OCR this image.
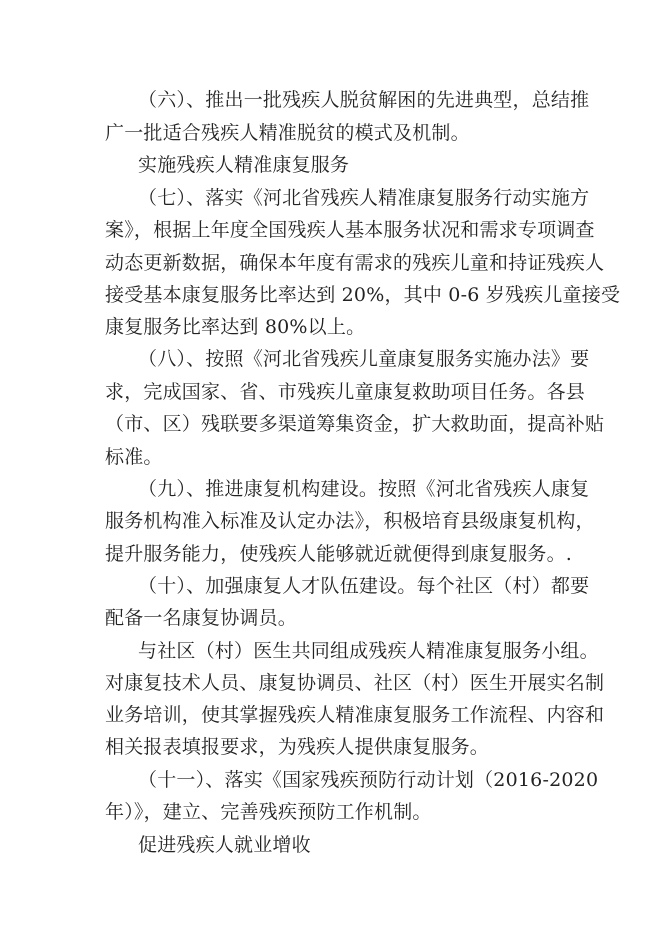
（六）、推出一批残疾人脱贫解困的先进典型，总结推
广一批适合残疾人精准脱贫的模式及机制。
实施残疾人精准康复服务
（七）、落实《河北省残疾人精准康复服务行动实施方
案》，根据上年度全国残疾人基本服务状况和需求专项调查
动态更新数据，确保本年度有需求的残疾儿童和持证残疾人
接受基本康复服务比率达到 20%，其中 0-6 岁残疾儿童接受
康复服务比率达到 80%以上。
（八）、按照《河北省残疾儿童康复服务实施办法》要
求，完成国家、省、市残疾儿童康复救助项目任务。各县
（市、区）残联要多渠道筹集资金，扩大救助面，提高补贴
标准。
（九）、推进康复机构建设。按照《河北省残疾人康复
服务机构准入标准及认定办法》，积极培育县级康复机构，
提升服务能力，使残疾人能够就近就便得到康复服务。.
（十）、加强康复人才队伍建设。每个社区（村）都要
配备一名康复协调员。
与社区（村）医生共同组成残疾人精准康复服务小组。
对康复技术人员、康复协调员、社区（村）医生开展实名制
业务培训，使其掌握残疾人精准康复服务工作流程、内容和
相关报表填报要求，为残疾人提供康复服务。
（十一）、落实《国家残疾预防行动计划（2016-2020
年）》，建立、完善残疾预防工作机制。
促进残疾人就业增收
